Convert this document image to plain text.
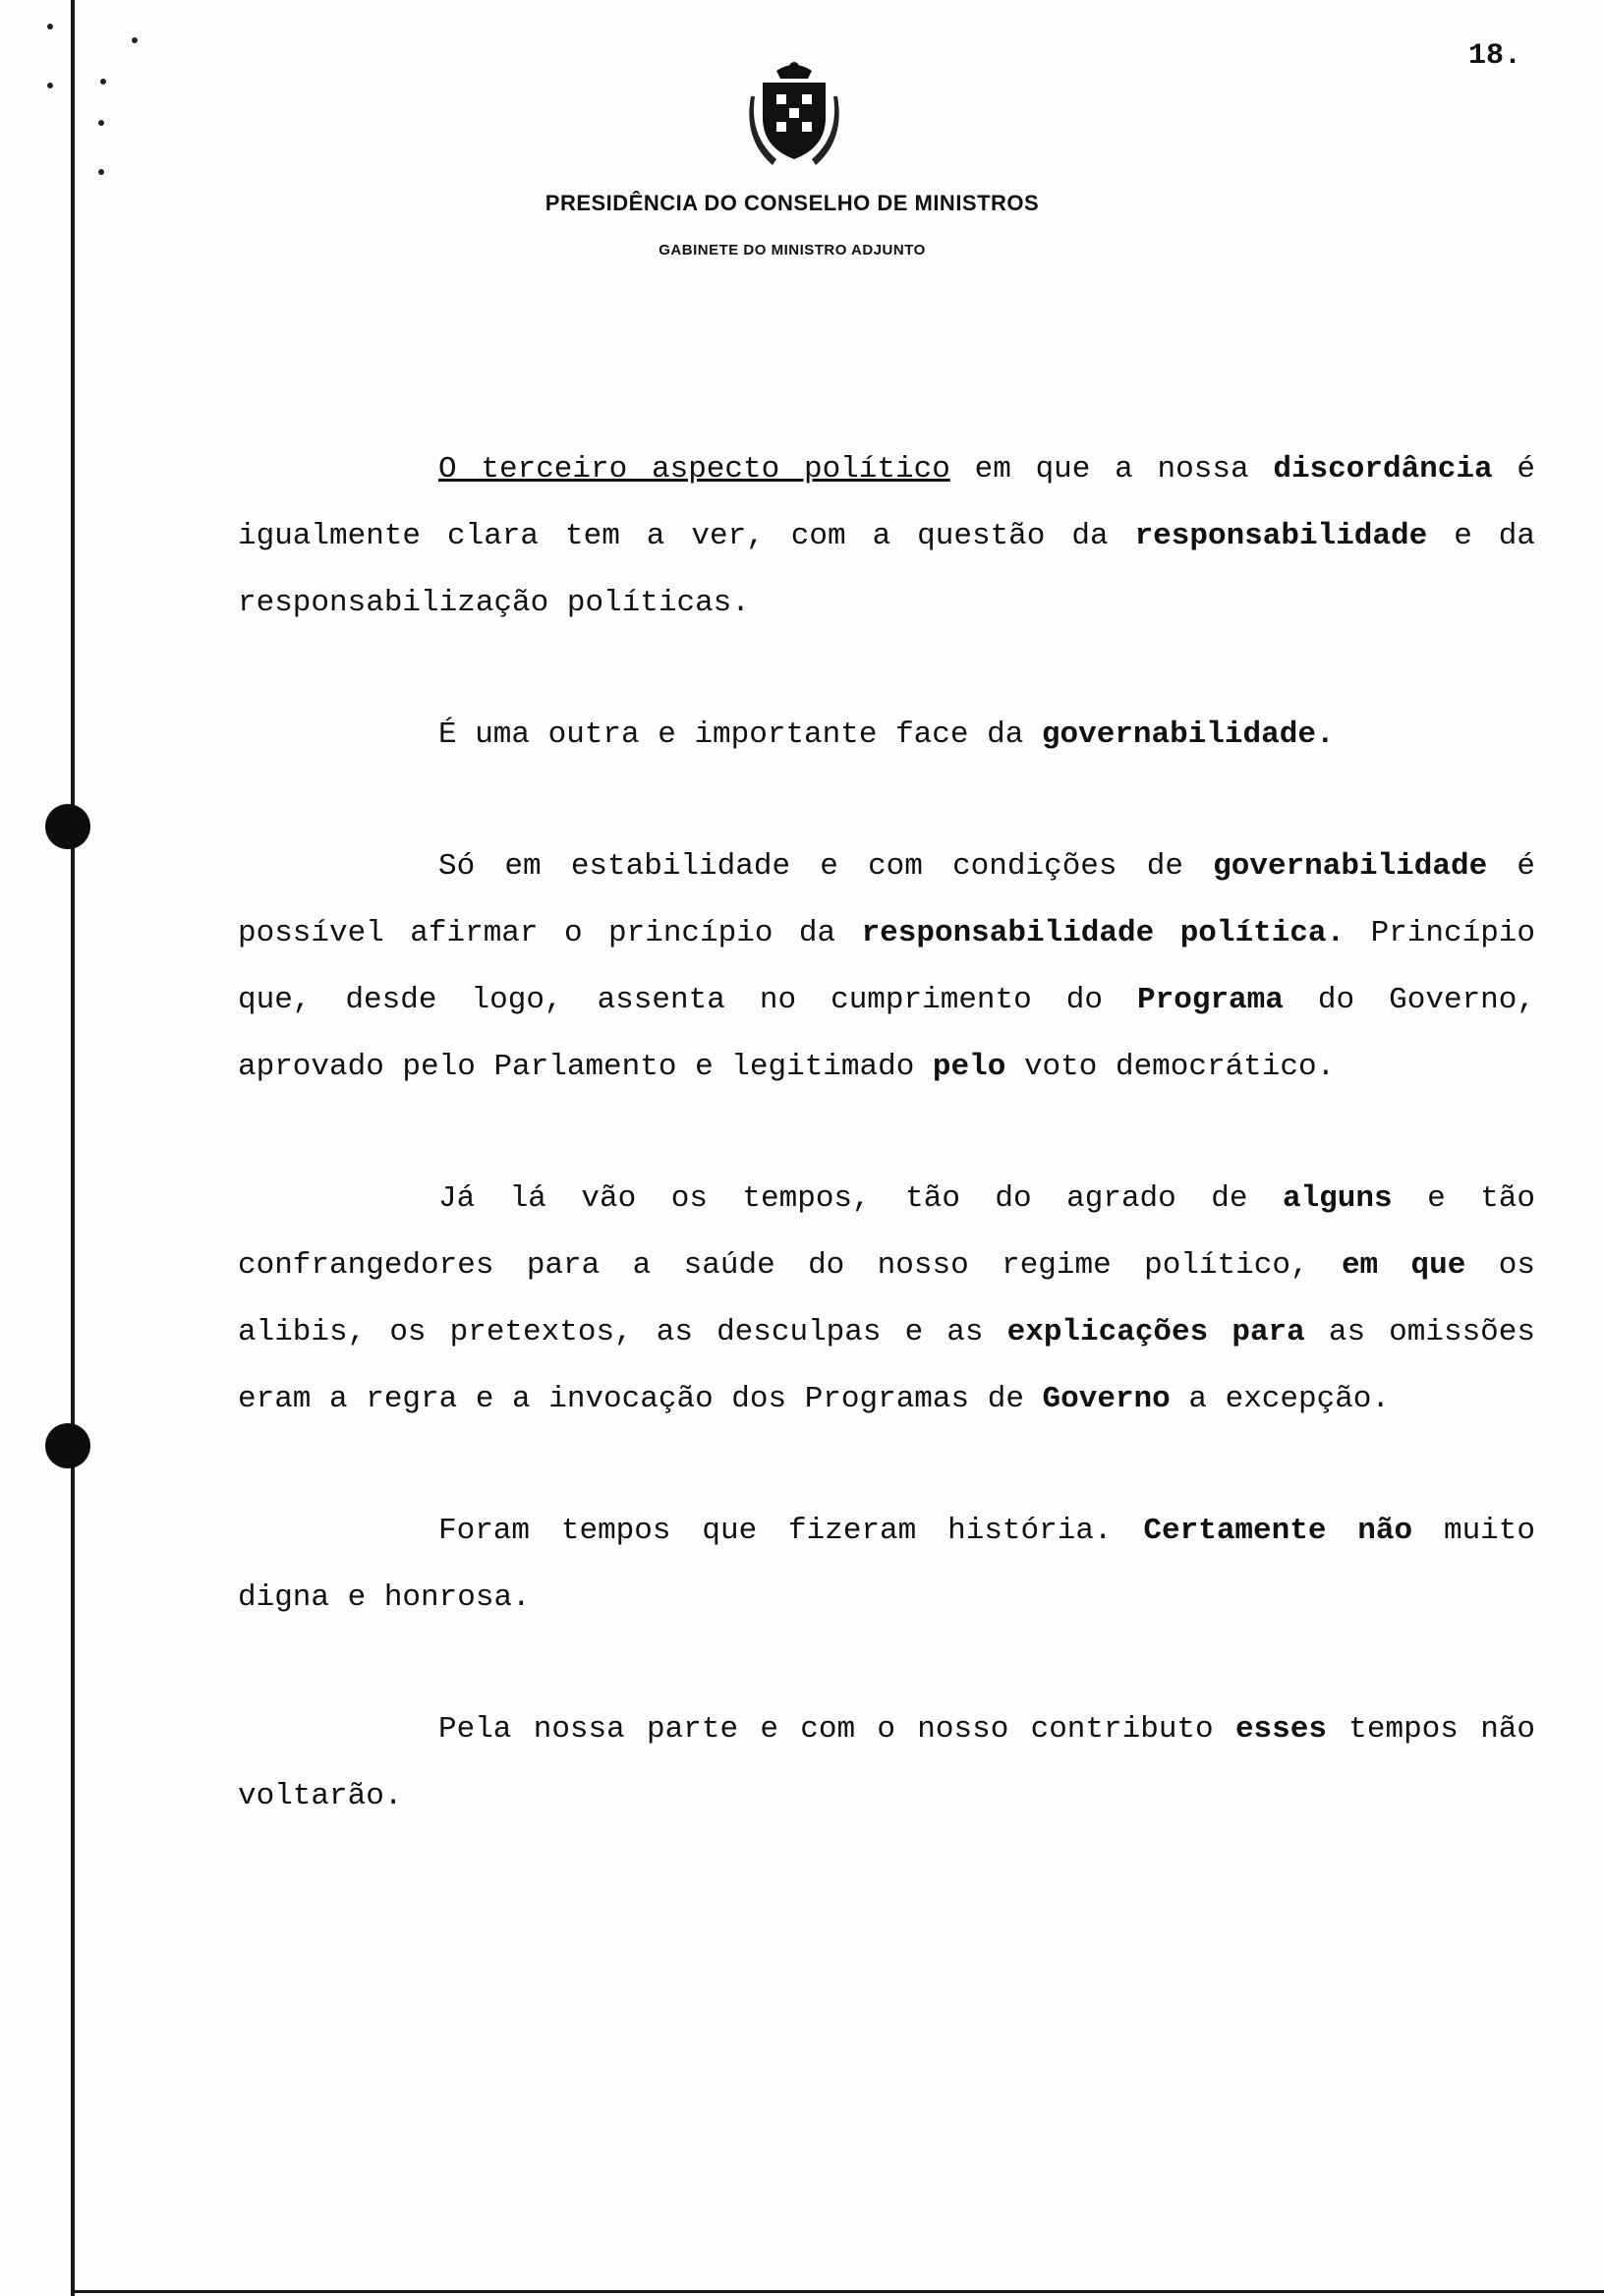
18.
PRESIDÊNCIA DO CONSELHO DE MINISTROS
GABINETE DO MINISTRO ADJUNTO

O terceiro aspecto político em que a nossa discordância é igualmente clara tem a ver, com a questão da responsabilidade e da responsabilização políticas.

É uma outra e importante face da governabilidade.

Só em estabilidade e com condições de governabilidade é possível afirmar o princípio da responsabilidade política. Princípio que, desde logo, assenta no cumprimento do Programa do Governo, aprovado pelo Parlamento e legitimado pelo voto democrático.

Já lá vão os tempos, tão do agrado de alguns e tão confrangedores para a saúde do nosso regime político, em que os alibis, os pretextos, as desculpas e as explicações para as omissões eram a regra e a invocação dos Programas de Governo a excepção.

Foram tempos que fizeram história. Certamente não muito digna e honrosa.

Pela nossa parte e com o nosso contributo esses tempos não voltarão.
